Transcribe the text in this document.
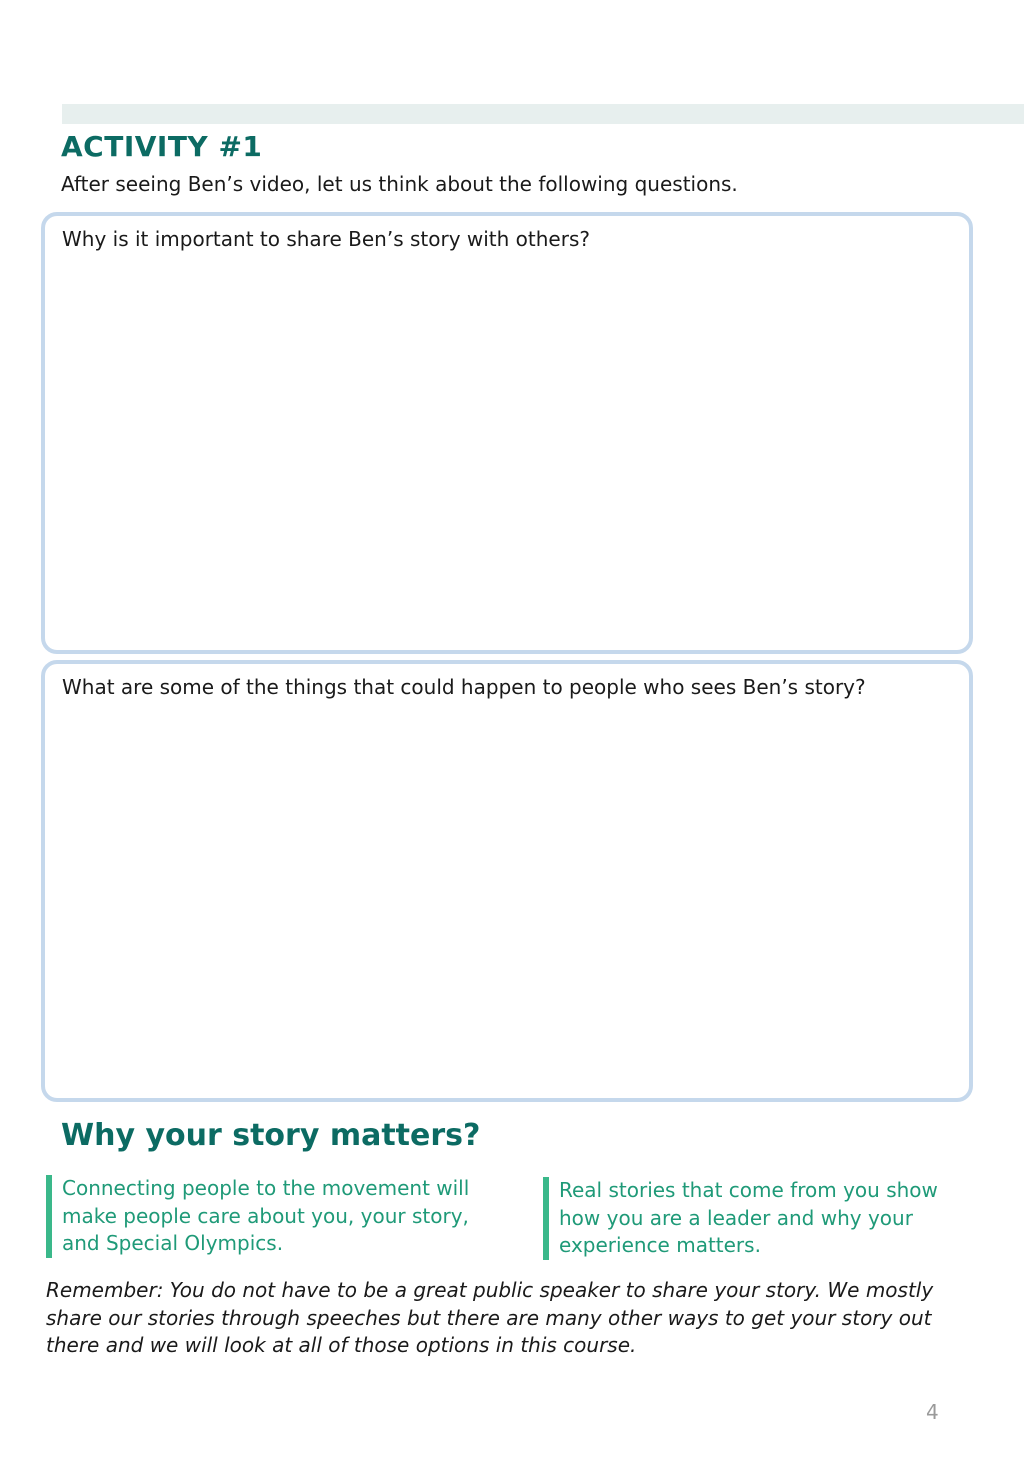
ACTIVITY #1
After seeing Ben’s video, let us think about the following questions.
Why is it important to share Ben’s story with others?
What are some of the things that could happen to people who sees Ben’s story?
Why your story matters?
Connecting people to the movement will make people care about you, your story, and Special Olympics.
Real stories that come from you show how you are a leader and why your experience matters.
Remember: You do not have to be a great public speaker to share your story. We mostly share our stories through speeches but there are many other ways to get your story out there and we will look at all of those options in this course.
4
